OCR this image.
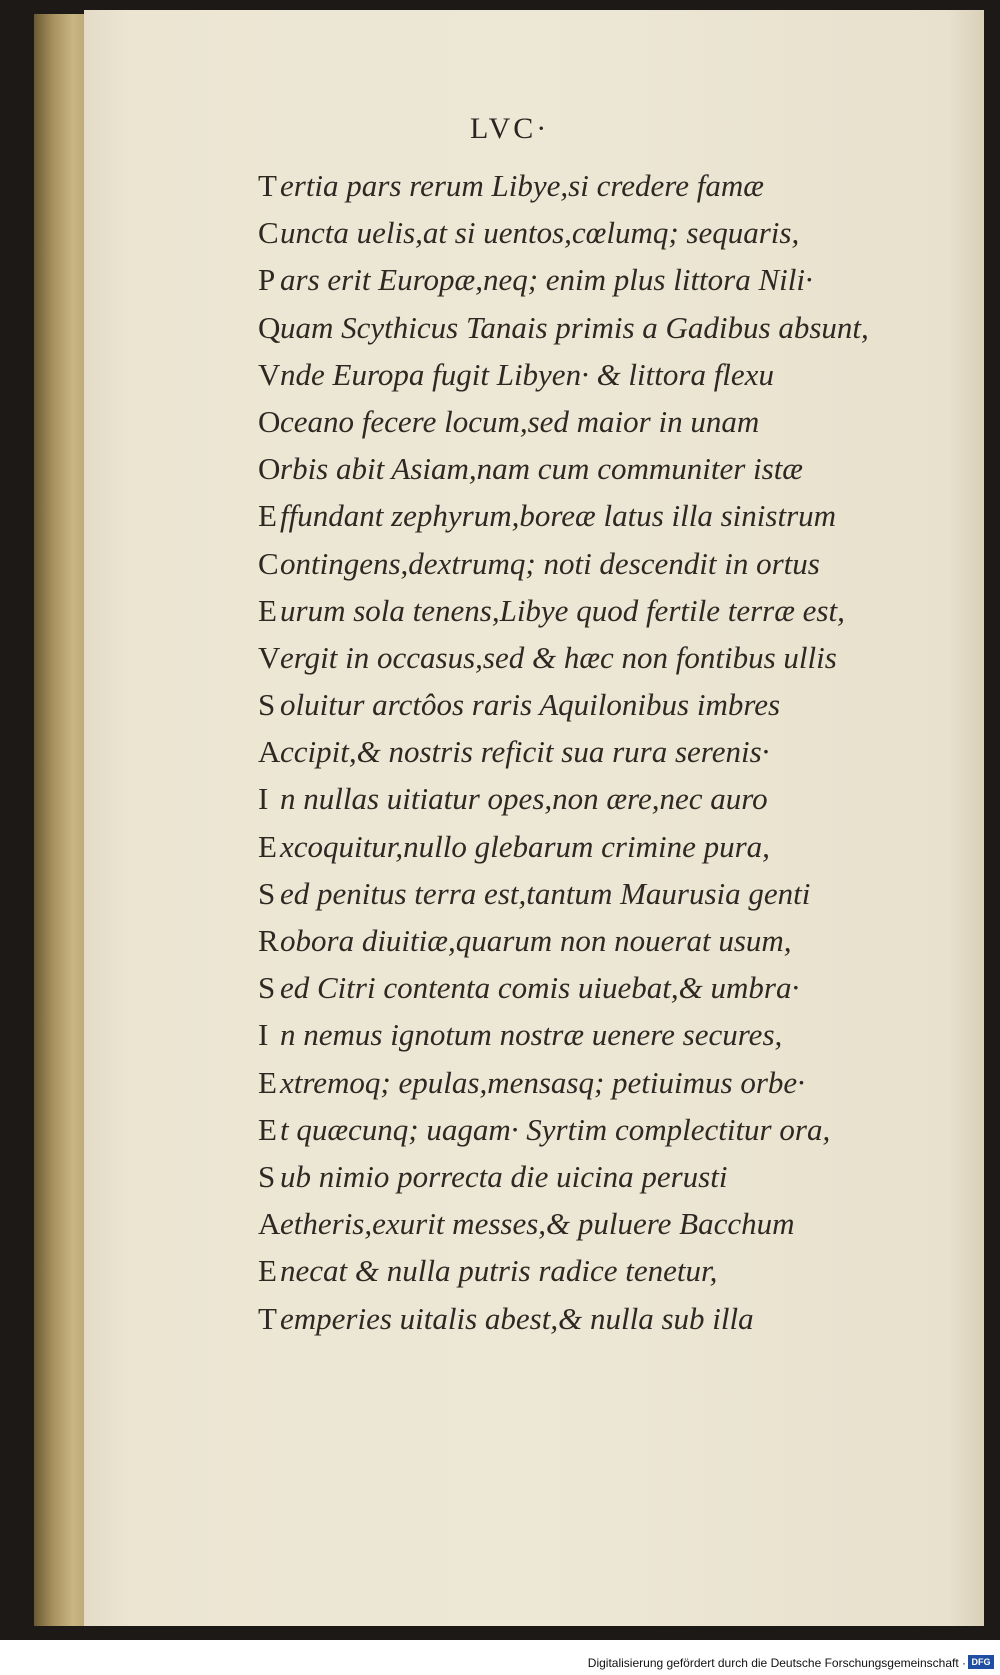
LVC·
Tertia pars rerum Libye,si credere famæ
Cuncta uelis,at si uentos,cœlumq; sequaris,
P ars erit Europæ,neq; enim plus littora Nili·
Quam Scythicus Tanais primis a Gadibus absunt,
Vnde Europa fugit Libyen· & littora flexu
Oceano fecere locum,sed maior in unam
Orbis abit Asiam,nam cum communiter istæ
Effundant zephyrum,boreæ latus illa sinistrum
Contingens,dextrumq; noti descendit in ortus
Eurum sola tenens,Libye quod fertile terræ est,
Vergit in occasus,sed & hæc non fontibus ullis
S oluitur arctôos raris Aquilonibus imbres
Accipit,& nostris reficit sua rura serenis·
I n nullas uitiatur opes,non ære,nec auro
Excoquitur,nullo glebarum crimine pura,
S ed penitus terra est,tantum Maurusia genti
Robora diuitiæ,quarum non nouerat usum,
S ed Citri contenta comis uiuebat,& umbra·
I n nemus ignotum nostræ uenere secures,
Extremoq; epulas,mensasq; petiuimus orbe·
Et quæcunq; uagam· Syrtim complectitur ora,
S ub nimio porrecta die uicina perusti
Aetheris,exurit messes,& puluere Bacchum
Enecat & nulla putris radice tenetur,
Temperies uitalis abest,& nulla sub illa
Digitalisierung gefördert durch die Deutsche Forschungsgemeinschaft · DFG
